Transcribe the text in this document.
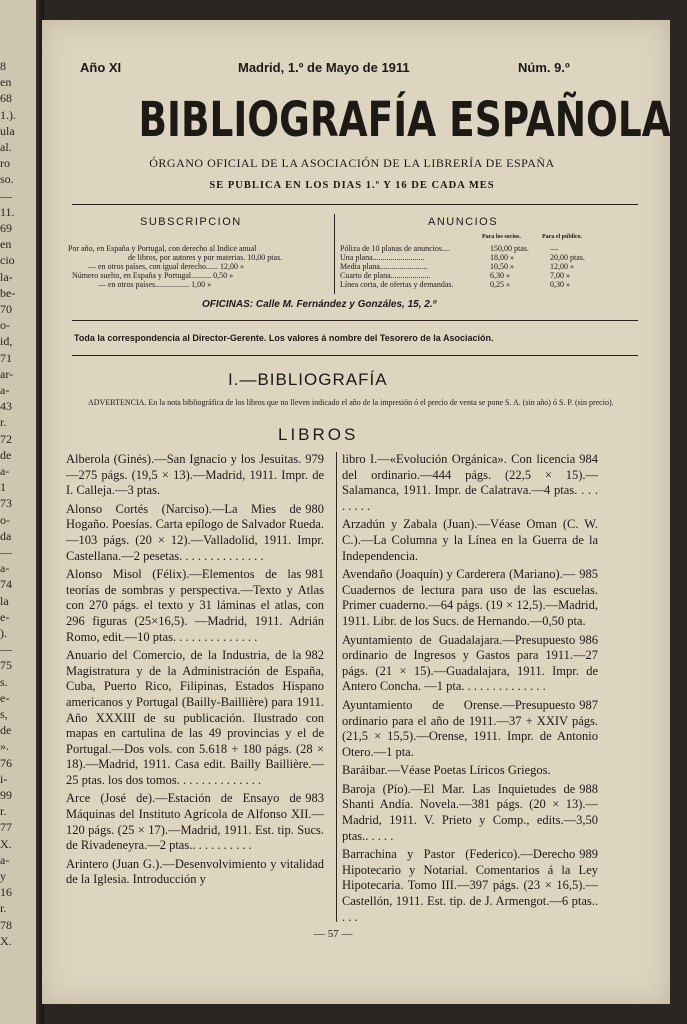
8
en
68
1.).
ula
al.
ro
so.
—
11.
69
en
cio
la-
be-
70
o-
id,
71
ar-
a-
43
r.
72
de
a-
1
73
o-
da
—
a-
74
la
e-
).
—
75
s.
e-
s,
de
».
76
i-
99
r.
77
X.
a-
y
16
r.
78
X.
Año XI	Madrid, 1.º de Mayo de 1911	Núm. 9.º
BIBLIOGRAFÍA ESPAÑOLA
ÓRGANO OFICIAL DE LA ASOCIACIÓN DE LA LIBRERÍA DE ESPAÑA
SE PUBLICA EN LOS DIAS 1.º Y 16 DE CADA MES
SUBSCRIPCION	ANUNCIOS
Por año, en España y Portugal, con derecho al Indice anual
de libros, por autores y por materias. 10,00 ptas.
— en otros países, con igual derecho...... 12,00 »
Número suelto, en España y Portugal.......... 0,50 »
— en otros países................. 1,00 »
Para los socios.	Para el público.
Póliza de 10 planas de anuncios....	150,00 ptas.	—
Una plana..........................	18,00 »	20,00 ptas.
Media plana........................	10,50 »	12,00 »
Cuarto de plana....................	6,30 »	7,00 »
Línea corta, de ofertas y demandas.	0,25 »	0,30 »
OFICINAS: Calle M. Fernández y Gonzáles, 15, 2.º
Toda la correspondencia al Director-Gerente. Los valores á nombre del Tesorero de la Asociación.
I.—BIBLIOGRAFÍA
ADVERTENCIA. En la nota bibliográfica de los libros que no lleven indicado el año de la impresión ó el precio de venta se pone S. A. (sin año) ó S. P. (sin precio).
LIBROS
979
Alberola (Ginés).—San Ignacio y los Jesuitas.—275 págs. (19,5 × 13).—Madrid, 1911. Impr. de I. Calleja.—3 ptas.
980
Alonso Cortés (Narciso).—La Mies de Hogaño. Poesías. Carta epílogo de Salvador Rueda.—103 págs. (20 × 12).—Valladolid, 1911. Impr. Castellana.—2 pesetas. . . . . . . . . . . . . .
981
Alonso Misol (Félix).—Elementos de las teorías de sombras y perspectiva.—Texto y Atlas con 270 págs. el texto y 31 láminas el atlas, con 296 figuras (25×16,5). —Madrid, 1911. Adrián Romo, edit.—10 ptas. . . . . . . . . . . . . .
982
Anuario del Comercio, de la Industria, de la Magistratura y de la Administración de España, Cuba, Puerto Rico, Filipinas, Estados Hispano americanos y Portugal (Bailly-Baillière) para 1911. Año XXXIII de su publicación. Ilustrado con mapas en cartulina de las 49 provincias y el de Portugal.—Dos vols. con 5.618 + 180 págs. (28 × 18).—Madrid, 1911. Casa edit. Bailly Baillière.—25 ptas. los dos tomos. . . . . . . . . . . . . .
983
Arce (José de).—Estación de Ensayo de Máquinas del Instituto Agrícola de Alfonso XII.—120 págs. (25 × 17).—Madrid, 1911. Est. tip. Sucs. de Rivadeneyra.—2 ptas.. . . . . . . . . .
Arintero (Juan G.).—Desenvolvimiento y vitalidad de la Iglesia. Introducción y
984
libro I.—«Evolución Orgánica». Con licencia del ordinario.—444 págs. (22,5 × 15).—Salamanca, 1911. Impr. de Calatrava.—4 ptas. . . . . . . . .
Arzadún y Zabala (Juan).—Véase Oman (C. W. C.).—La Columna y la Línea en la Guerra de la Independencia.
985
Avendaño (Joaquín) y Carderera (Mariano).—Cuadernos de lectura para uso de las escuelas. Primer cuaderno.—64 págs. (19 × 12,5).—Madrid, 1911. Libr. de los Sucs. de Hernando.—0,50 pta.
986
Ayuntamiento de Guadalajara.—Presupuesto ordinario de Ingresos y Gastos para 1911.—27 págs. (21 × 15).—Guadalajara, 1911. Impr. de Antero Concha. —1 pta. . . . . . . . . . . . . .
987
Ayuntamiento de Orense.—Presupuesto ordinario para el año de 1911.—37 + XXIV págs. (21,5 × 15,5).—Orense, 1911. Impr. de Antonio Otero.—1 pta.
Baráibar.—Véase Poetas Líricos Griegos.
988
Baroja (Pío).—El Mar. Las Inquietudes de Shanti Andía. Novela.—381 págs. (20 × 13).—Madrid, 1911. V. Prieto y Comp., edits.—3,50 ptas.. . . . .
989
Barrachina y Pastor (Federico).—Derecho Hipotecario y Notarial. Comentarios á la Ley Hipotecaria. Tomo III.—397 págs. (23 × 16,5).—Castellón, 1911. Est. tip. de J. Armengot.—6 ptas.. . . .
— 57 —
